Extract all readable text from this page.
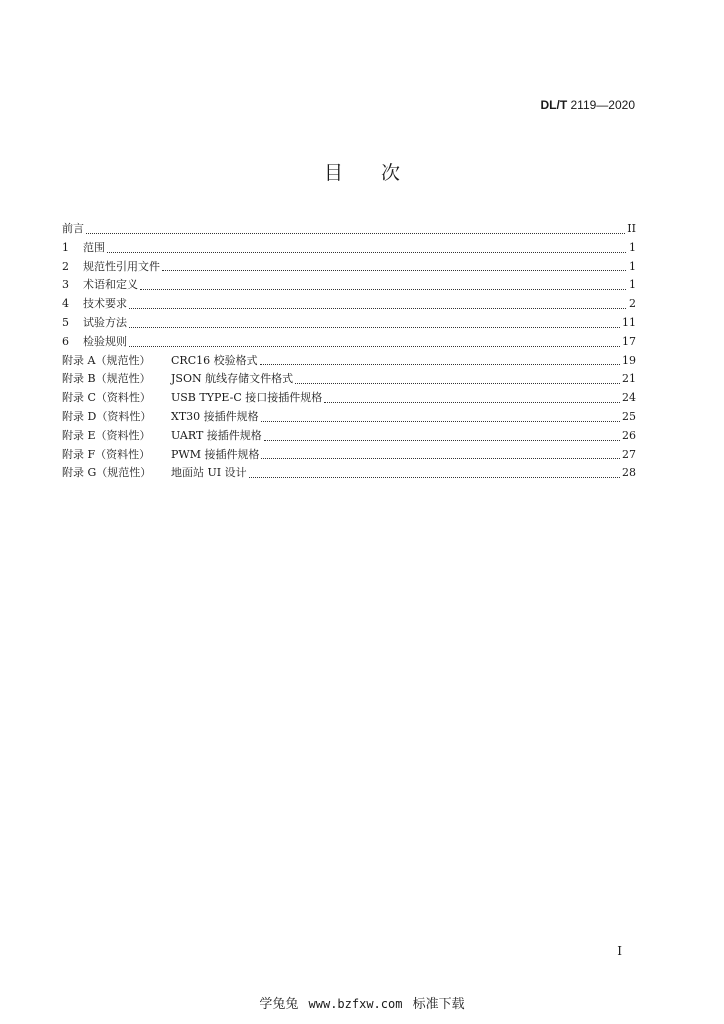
DL/T 2119—2020
目 次
前言	II
1	范围	1
2	规范性引用文件	1
3	术语和定义	1
4	技术要求	2
5	试验方法	11
6	检验规则	17
附录 A（规范性）	CRC16 校验格式	19
附录 B（规范性）	JSON 航线存储文件格式	21
附录 C（资料性）	USB TYPE-C 接口接插件规格	24
附录 D（资料性）	XT30 接插件规格	25
附录 E（资料性）	UART 接插件规格	26
附录 F（资料性）	PWM 接插件规格	27
附录 G（规范性）	地面站 UI 设计	28
I
学兔兔 www.bzfxw.com 标准下载
